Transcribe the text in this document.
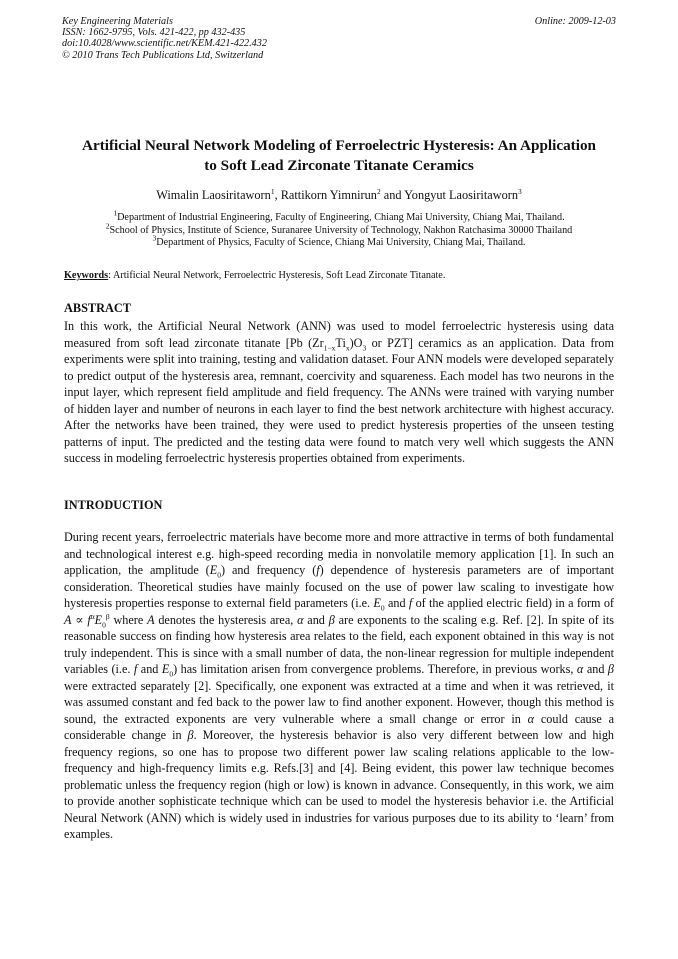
Key Engineering Materials
ISSN: 1662-9795, Vols. 421-422, pp 432-435
doi:10.4028/www.scientific.net/KEM.421-422.432
© 2010 Trans Tech Publications Ltd, Switzerland
Online: 2009-12-03
Artificial Neural Network Modeling of Ferroelectric Hysteresis: An Application
to Soft Lead Zirconate Titanate Ceramics
Wimalin Laosiritaworn$^1$, Rattikorn Yimnirun$^2$ and Yongyut Laosiritaworn$^3$
$^1$Department of Industrial Engineering, Faculty of Engineering, Chiang Mai University, Chiang Mai, Thailand.
$^2$School of Physics, Institute of Science, Suranaree University of Technology, Nakhon Ratchasima 30000 Thailand
$^3$Department of Physics, Faculty of Science, Chiang Mai University, Chiang Mai, Thailand.
Keywords: Artificial Neural Network, Ferroelectric Hysteresis, Soft Lead Zirconate Titanate.
ABSTRACT
In this work, the Artificial Neural Network (ANN) was used to model ferroelectric hysteresis using data measured from soft lead zirconate titanate [Pb $(Zr_{1-x}Ti_x)O_3$ or PZT] ceramics as an application. Data from experiments were split into training, testing and validation dataset. Four ANN models were developed separately to predict output of the hysteresis area, remnant, coercivity and squareness. Each model has two neurons in the input layer, which represent field amplitude and field frequency. The ANNs were trained with varying number of hidden layer and number of neurons in each layer to find the best network architecture with highest accuracy. After the networks have been trained, they were used to predict hysteresis properties of the unseen testing patterns of input. The predicted and the testing data were found to match very well which suggests the ANN success in modeling ferroelectric hysteresis properties obtained from experiments.
INTRODUCTION
During recent years, ferroelectric materials have become more and more attractive in terms of both fundamental and technological interest e.g. high-speed recording media in nonvolatile memory application [1]. In such an application, the amplitude $(E_0)$ and frequency (f) dependence of hysteresis parameters are of important consideration. Theoretical studies have mainly focused on the use of power law scaling to investigate how hysteresis properties response to external field parameters (i.e. $E_0$ and f of the applied electric field) in a form of $A \propto f^\alpha E_0^\beta$ where A denotes the hysteresis area, α and β are exponents to the scaling e.g. Ref. [2]. In spite of its reasonable success on finding how hysteresis area relates to the field, each exponent obtained in this way is not truly independent. This is since with a small number of data, the non-linear regression for multiple independent variables (i.e. f and $E_0$) has limitation arisen from convergence problems. Therefore, in previous works, α and β were extracted separately [2]. Specifically, one exponent was extracted at a time and when it was retrieved, it was assumed constant and fed back to the power law to find another exponent. However, though this method is sound, the extracted exponents are very vulnerable where a small change or error in α could cause a considerable change in β. Moreover, the hysteresis behavior is also very different between low and high frequency regions, so one has to propose two different power law scaling relations applicable to the low-frequency and high-frequency limits e.g. Refs.[3] and [4]. Being evident, this power law technique becomes problematic unless the frequency region (high or low) is known in advance. Consequently, in this work, we aim to provide another sophisticate technique which can be used to model the hysteresis behavior i.e. the Artificial Neural Network (ANN) which is widely used in industries for various purposes due to its ability to ‘learn’ from examples.
